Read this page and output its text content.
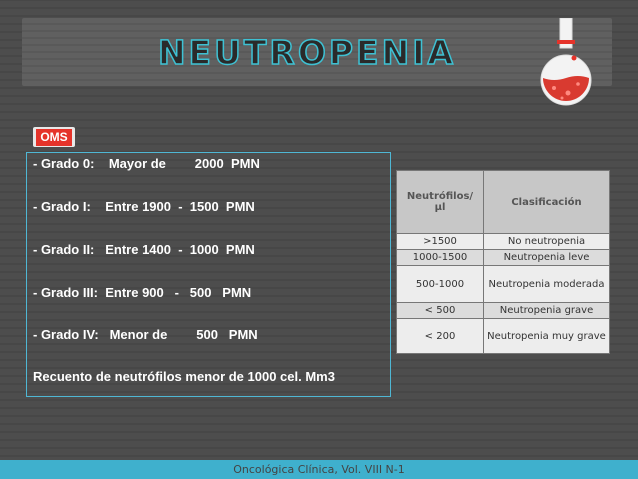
NEUTROPENIA
OMS

- Grado 0:    Mayor de        2000  PMN

- Grado I:    Entre 1900  -  1500  PMN

- Grado II:   Entre 1400  -  1000  PMN

- Grado III:  Entre 900   -   500   PMN

- Grado IV:   Menor de        500   PMN

Recuento de neutrófilos menor de 1000 cel. Mm3

Neutrófilos/ µl	Clasificación
>1500	No neutropenia
1000-1500	Neutropenia leve
500-1000	Neutropenia moderada
< 500	Neutropenia grave
< 200	Neutropenia muy grave
Oncológica Clínica, Vol. VIII N-1
